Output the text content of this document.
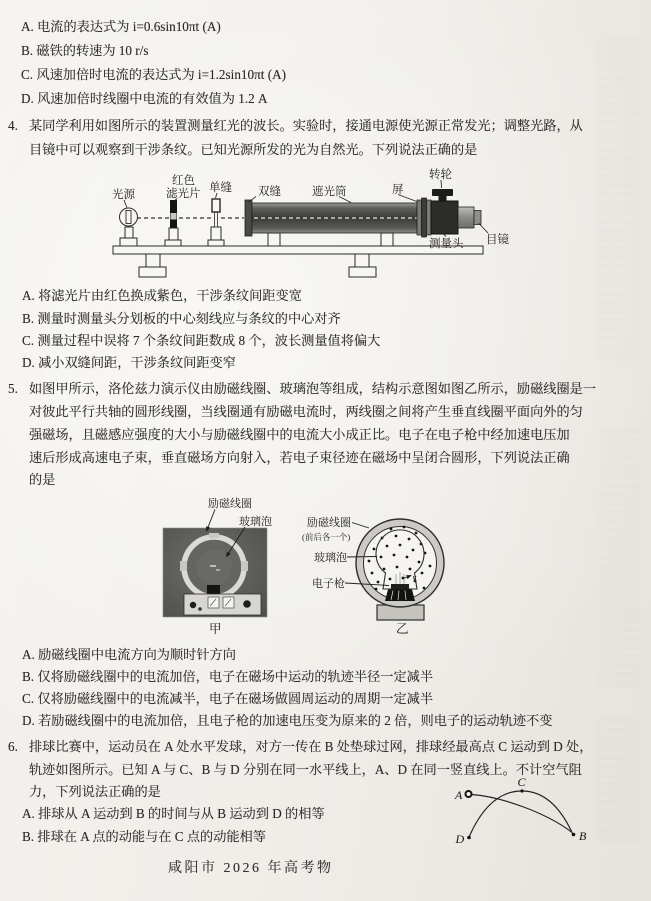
A. 电流的表达式为 i=0.6sin10πt (A)
B. 磁铁的转速为 10 r/s
C. 风速加倍时电流的表达式为 i=1.2sin10πt (A)
D. 风速加倍时线圈中电流的有效值为 1.2 A
4. 某同学利用如图所示的装置测量红光的波长。实验时，接通电源使光源正常发光；调整光路，从
目镜中可以观察到干涉条纹。已知光源所发的光为自然光。下列说法正确的是
光源
红色
滤光片 单缝 双缝	遮光筒	屏
转轮
测量头 目镜
A. 将滤光片由红色换成紫色，干涉条纹间距变宽
B. 测量时测量头分划板的中心刻线应与条纹的中心对齐
C. 测量过程中误将 7 个条纹间距数成 8 个，波长测量值将偏大
D. 减小双缝间距，干涉条纹间距变窄
5. 如图甲所示，洛伦兹力演示仪由励磁线圈、玻璃泡等组成，结构示意图如图乙所示，励磁线圈是一
对彼此平行共轴的圆形线圈，当线圈通有励磁电流时，两线圈之间将产生垂直线圈平面向外的匀
强磁场，且磁感应强度的大小与励磁线圈中的电流大小成正比。电子在电子枪中经加速电压加
速后形成高速电子束，垂直磁场方向射入，若电子束径迹在磁场中呈闭合圆形，下列说法正确
的是
励磁线圈
玻璃泡
甲
v
励磁线圈
(前后各一个)
玻璃泡
电子枪
乙
A. 励磁线圈中电流方向为顺时针方向
B. 仅将励磁线圈中的电流加倍，电子在磁场中运动的轨迹半径一定减半
C. 仅将励磁线圈中的电流减半，电子在磁场做圆周运动的周期一定减半
D. 若励磁线圈中的电流加倍，且电子枪的加速电压变为原来的 2 倍，则电子的运动轨迹不变
6. 排球比赛中，运动员在 A 处水平发球，对方一传在 B 处垫球过网，排球经最高点 C 运动到 D 处，
轨迹如图所示。已知 A 与 C、B 与 D 分别在同一水平线上，A、D 在同一竖直线上。不计空气阻
力，下列说法正确的是
A. 排球从 A 运动到 B 的时间与从 B 运动到 D 的相等
B. 排球在 A 点的动能与在 C 点的动能相等
A
C
B
D
咸阳市 2026 年高考物
